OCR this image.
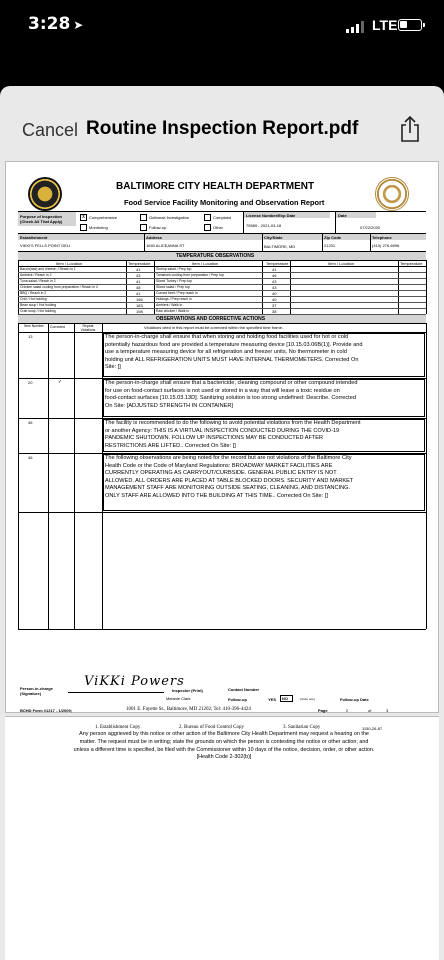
3:28 ➤	LTE
Cancel Routine Inspection Report.pdf
BALTIMORE CITY HEALTH DEPARTMENT
Food Service Facility Monitoring and Observation Report
Purpose of Inspection (Check All That Apply)
x	Comprehensive	Outbreak Investigation	Complaint
Monitoring	Follow-up	Other
License Number/Exp Date
75589 - 2021-03-18
Date
07/22/2020
Establishment
VIKKI'S FELLS POINT DELI
Address
1640 ALICEANNA ST
City/State
BALTIMORE, MD
Zip Code
21231
Telephone
(410) 276-6996
TEMPERATURE OBSERVATIONS
Item / Location	Temperature	Item / Location	Temperature	Item / Location	Temperature
OBSERVATIONS AND CORRECTIVE ACTIONS
Item Number	Corrected	Repeat Violations	Violations cited in this report must be corrected within the specified time frame.
Person-in-charge (Signature)
ViKKi Powers
Inspector (Print)
Melanie Clark
Contact Number
Follow-up	YES	NO	(circle one)	Follow-up Date
BCHD Form #1217 - 1/2009;	1001 E. Fayette St., Baltimore, MD 21202; Tel: 410-396-4424	Page	2	of	3
Bacon(raw) and cheese; / Reach in 1	41	Shrimp salad / Prep top	41
Ambient / Reach in 2	43	Tomatoes cooling from preparation / Prep top	46
Tuna salad / Reach in 2	41	Sliced Turkey / Prep top	43
Chicken salad cooling from preparation / Reach in 2	48	Sliced salad / Prep top	43
BBQ / Reach in 2	41	Corned beef / Prep reach in	40
Chili / Hot holding	166	Hotdogs / Prep reach in	40
Bean soup / Hot holding	183	Ambient / Walk in	37
Crab soup / Hot holding	198	Raw chicken / Walk in	38
13	The person-in-charge shall ensure that when storing and holding food facilities used for hot or cold
potentially hazardous food are provided a temperature measuring device [10.15.03.06B(1)]. Provide and
use a temperature measuring device for all refrigeration and freezer units. No thermometer in cold
holding unit ALL REFRIGERATION UNITS MUST HAVE INTERNAL THERMOMETERS. Corrected On
Site: []
20	✓	The person-in-charge shall ensure that a bactericide, cleaning compound or other compound intended
for use on food-contact surfaces is not used or stored in a way that will leave a toxic residue on
food-contact surfaces [10.15.03.13D]. Sanitizing solution is too strong undefined: Describe. Corrected
On Site: [ADJUSTED STRENGTH IN CONTAINER]
46	The facility is recommended to do the following to avoid potential violations from the Health Department
or another Agency: THIS IS A VIRTUAL INSPECTION CONDUCTED DURING THE COVID-19
PANDEMIC SHUTDOWN. FOLLOW UP INSPECTIONS MAY BE CONDUCTED AFTER
RESTRICTIONS ARE LIFTED.. Corrected On Site: []
46	The following observations are being noted for the record but are not violations of the Baltimore City
Health Code or the Code of Maryland Regulations: BROADWAY MARKET FACILITIES ARE
CURRENTLY OPERATING AS CARRYOUT/CURBSIDE. GENERAL PUBLIC ENTRY IS NOT
ALLOWED. ALL ORDERS ARE PLACED AT TABLE BLOCKED DOORS. SECURITY AND MARKET
MANAGEMENT STAFF ARE MONITORING OUTSIDE SEATING, CLEANING, AND DISTANCING.
ONLY STAFF ARE ALLOWED INTO THE BUILDING AT THIS TIME.. Corrected On Site: []
Any person aggrieved by this notice or other action of the Baltimore City Health Department may request a hearing on the
matter. The request must be in writing; state the grounds on which the person is contesting the notice or other action; and
unless a different time is specified, be filed with the Commissioner within 10 days of the notice, decision, order, or other action.
[Health Code 2-302(b)]
1. Establishment Copy	2. Bureau of Food Control Copy	3. Sanitarian Copy	1150-26-87
